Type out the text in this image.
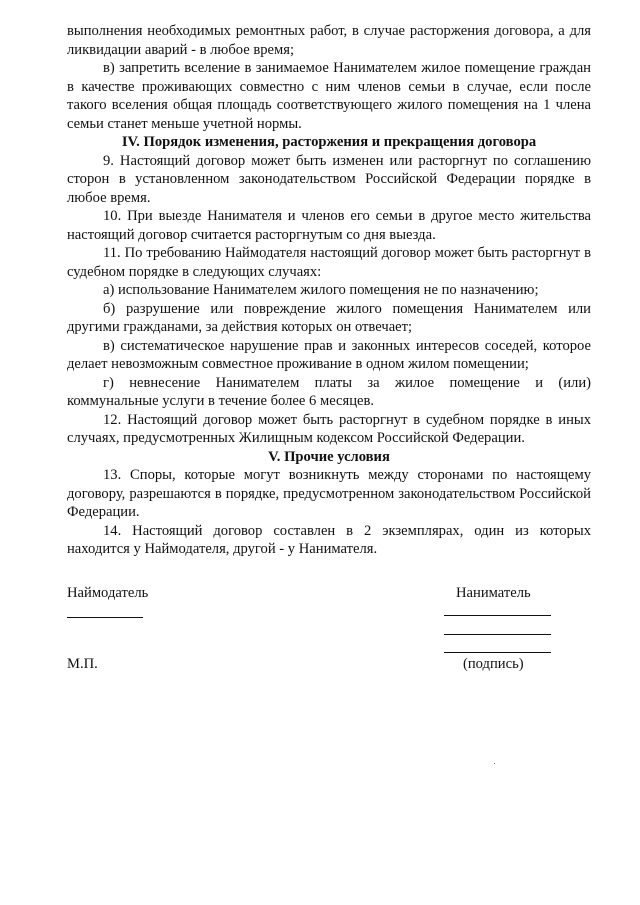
выполнения необходимых ремонтных работ, в случае расторжения договора, а для ликвидации аварий - в любое время;

в) запретить вселение в занимаемое Нанимателем жилое помещение граждан в качестве проживающих совместно с ним членов семьи в случае, если после такого вселения общая площадь соответствующего жилого помещения на 1 члена семьи станет меньше учетной нормы.

IV. Порядок изменения, расторжения и прекращения договора

9. Настоящий договор может быть изменен или расторгнут по соглашению сторон в установленном законодательством Российской Федерации порядке в любое время.

10. При выезде Нанимателя и членов его семьи в другое место жительства настоящий договор считается расторгнутым со дня выезда.

11. По требованию Наймодателя настоящий договор может быть расторгнут в судебном порядке в следующих случаях:

а) использование Нанимателем жилого помещения не по назначению;

б) разрушение или повреждение жилого помещения Нанимателем или другими гражданами, за действия которых он отвечает;

в) систематическое нарушение прав и законных интересов соседей, которое делает невозможным совместное проживание в одном жилом помещении;

г) невнесение Нанимателем платы за жилое помещение и (или) коммунальные услуги в течение более 6 месяцев.

12. Настоящий договор может быть расторгнут в судебном порядке в иных случаях, предусмотренных Жилищным кодексом Российской Федерации.

V. Прочие условия

13. Споры, которые могут возникнуть между сторонами по настоящему договору, разрешаются в порядке, предусмотренном законодательством Российской Федерации.

14. Настоящий договор составлен в 2 экземплярах, один из которых находится у Наймодателя, другой - у Нанимателя.

Наймодатель
М.П.
Наниматель
(подпись)
